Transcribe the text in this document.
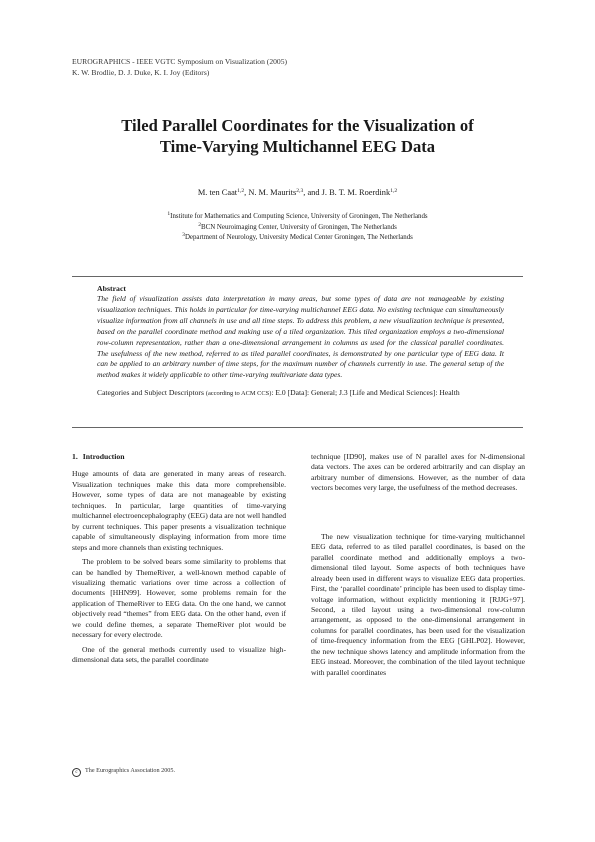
EUROGRAPHICS - IEEE VGTC Symposium on Visualization (2005)
K. W. Brodlie, D. J. Duke, K. I. Joy (Editors)
Tiled Parallel Coordinates for the Visualization of
Time-Varying Multichannel EEG Data
M. ten Caat$^{1,2}$, N. M. Maurits$^{2,3}$, and J. B. T. M. Roerdink$^{1,2}$
$^1$Institute for Mathematics and Computing Science, University of Groningen, The Netherlands
$^2$BCN Neuroimaging Center, University of Groningen, The Netherlands
$^3$Department of Neurology, University Medical Center Groningen, The Netherlands
Abstract

The field of visualization assists data interpretation in many areas, but some types of data are not manageable by existing visualization techniques. This holds in particular for time-varying multichannel EEG data. No existing technique can simultaneously visualize information from all channels in use and all time steps. To address this problem, a new visualization technique is presented, based on the parallel coordinate method and making use of a tiled organization. This tiled organization employs a two-dimensional row-column representation, rather than a one-dimensional arrangement in columns as used for the classical parallel coordinates. The usefulness of the new method, referred to as tiled parallel coordinates, is demonstrated by one particular type of EEG data. It can be applied to an arbitrary number of time steps, for the maximum number of channels currently in use. The general setup of the method makes it widely applicable to other time-varying multivariate data types.

Categories and Subject Descriptors (according to ACM CCS): E.0 [Data]: General; J.3 [Life and Medical Sciences]: Health

1. Introduction

Huge amounts of data are generated in many areas of research. Visualization techniques make this data more comprehensible. However, some types of data are not manageable by existing techniques. In particular, large quantities of time-varying multichannel electroencephalography (EEG) data are not well handled by current techniques. This paper presents a visualization technique capable of simultaneously displaying information from more time steps and more channels than existing techniques.

The problem to be solved bears some similarity to problems that can be handled by ThemeRiver, a well-known method capable of visualizing thematic variations over time across a collection of documents [HHN99]. However, some problems remain for the application of ThemeRiver to EEG data. On the one hand, we cannot objectively read “themes” from EEG data. On the other hand, even if we could define themes, a separate ThemeRiver plot would be necessary for every electrode.

One of the general methods currently used to visualize high-dimensional data sets, the parallel coordinate

technique [ID90], makes use of N parallel axes for N-dimensional data vectors. The axes can be ordered arbitrarily and can display an arbitrary number of dimensions. However, as the number of data vectors becomes very large, the usefulness of the method decreases.

The new visualization technique for time-varying multichannel EEG data, referred to as tiled parallel coordinates, is based on the parallel coordinate method and additionally employs a two-dimensional tiled layout. Some aspects of both techniques have already been used in different ways to visualize EEG data properties. First, the ‘parallel coordinate’ principle has been used to display time-voltage information, without explicitly mentioning it [RJJG+97]. Second, a tiled layout using a two-dimensional row-column arrangement, as opposed to the one-dimensional arrangement in columns for parallel coordinates, has been used for the visualization of time-frequency information from the EEG [GHLP02]. However, the new technique shows latency and amplitude information from the EEG instead. Moreover, the combination of the tiled layout technique with parallel coordinates

c The Eurographics Association 2005.
